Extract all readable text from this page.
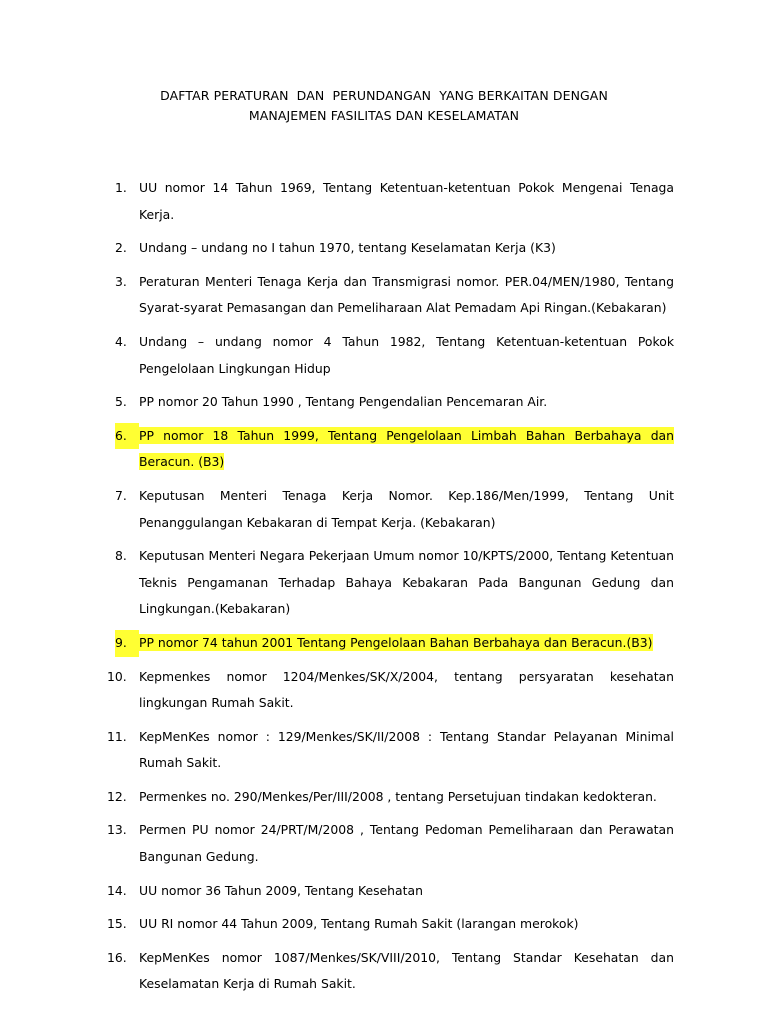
DAFTAR PERATURAN  DAN  PERUNDANGAN  YANG BERKAITAN DENGAN
MANAJEMEN FASILITAS DAN KESELAMATAN
1. UU nomor 14 Tahun 1969, Tentang Ketentuan-ketentuan Pokok Mengenai Tenaga Kerja.
2. Undang – undang no I tahun 1970, tentang Keselamatan Kerja (K3)
3. Peraturan Menteri Tenaga Kerja dan Transmigrasi nomor. PER.04/MEN/1980, Tentang Syarat-syarat Pemasangan dan Pemeliharaan Alat Pemadam Api Ringan.(Kebakaran)
4. Undang – undang nomor 4 Tahun 1982, Tentang Ketentuan-ketentuan Pokok Pengelolaan Lingkungan Hidup
5. PP nomor 20 Tahun 1990 , Tentang Pengendalian Pencemaran Air.
6. PP nomor 18 Tahun 1999, Tentang Pengelolaan Limbah Bahan Berbahaya dan Beracun. (B3)
7. Keputusan Menteri Tenaga Kerja Nomor. Kep.186/Men/1999, Tentang Unit Penanggulangan Kebakaran di Tempat Kerja. (Kebakaran)
8. Keputusan Menteri Negara Pekerjaan Umum nomor 10/KPTS/2000, Tentang Ketentuan Teknis Pengamanan Terhadap Bahaya Kebakaran Pada Bangunan Gedung dan Lingkungan.(Kebakaran)
9. PP nomor 74 tahun 2001 Tentang Pengelolaan Bahan Berbahaya dan Beracun.(B3)
10. Kepmenkes nomor 1204/Menkes/SK/X/2004, tentang persyaratan kesehatan lingkungan Rumah Sakit.
11. KepMenKes nomor : 129/Menkes/SK/II/2008 : Tentang Standar Pelayanan Minimal Rumah Sakit.
12. Permenkes no. 290/Menkes/Per/III/2008 , tentang Persetujuan tindakan kedokteran.
13. Permen PU nomor 24/PRT/M/2008 , Tentang Pedoman Pemeliharaan dan Perawatan Bangunan Gedung.
14. UU nomor 36 Tahun 2009, Tentang Kesehatan
15. UU RI nomor 44 Tahun 2009, Tentang Rumah Sakit (larangan merokok)
16. KepMenKes nomor 1087/Menkes/SK/VIII/2010, Tentang Standar Kesehatan dan Keselamatan Kerja di Rumah Sakit.
